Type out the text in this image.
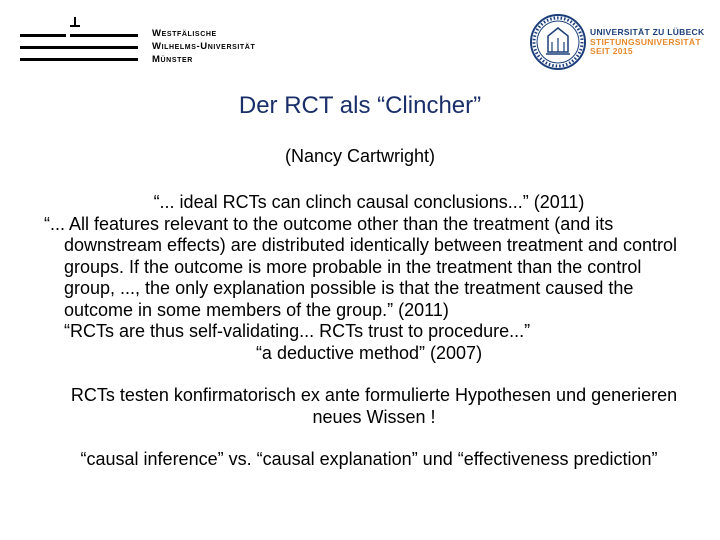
Westfälische
Wilhelms-Universität
Münster
UNIVERSITÄT ZU LÜBECK
STIFTUNGSUNIVERSITÄT
SEIT 2015
Der RCT als “Clincher”
(Nancy Cartwright)

“... ideal RCTs can clinch causal conclusions...” (2011)

“... All features relevant to the outcome other than the treatment (and its downstream effects) are distributed identically between treatment and control groups. If the outcome is more probable in the treatment than the control group, ..., the only explanation possible is that the treatment caused the outcome in some members of the group.” (2011)

“RCTs are thus self-validating... RCTs trust to procedure...”

“a deductive method” (2007)

RCTs testen konfirmatorisch ex ante formulierte Hypothesen und generieren neues Wissen !

“causal inference” vs. “causal explanation” und “effectiveness prediction”
